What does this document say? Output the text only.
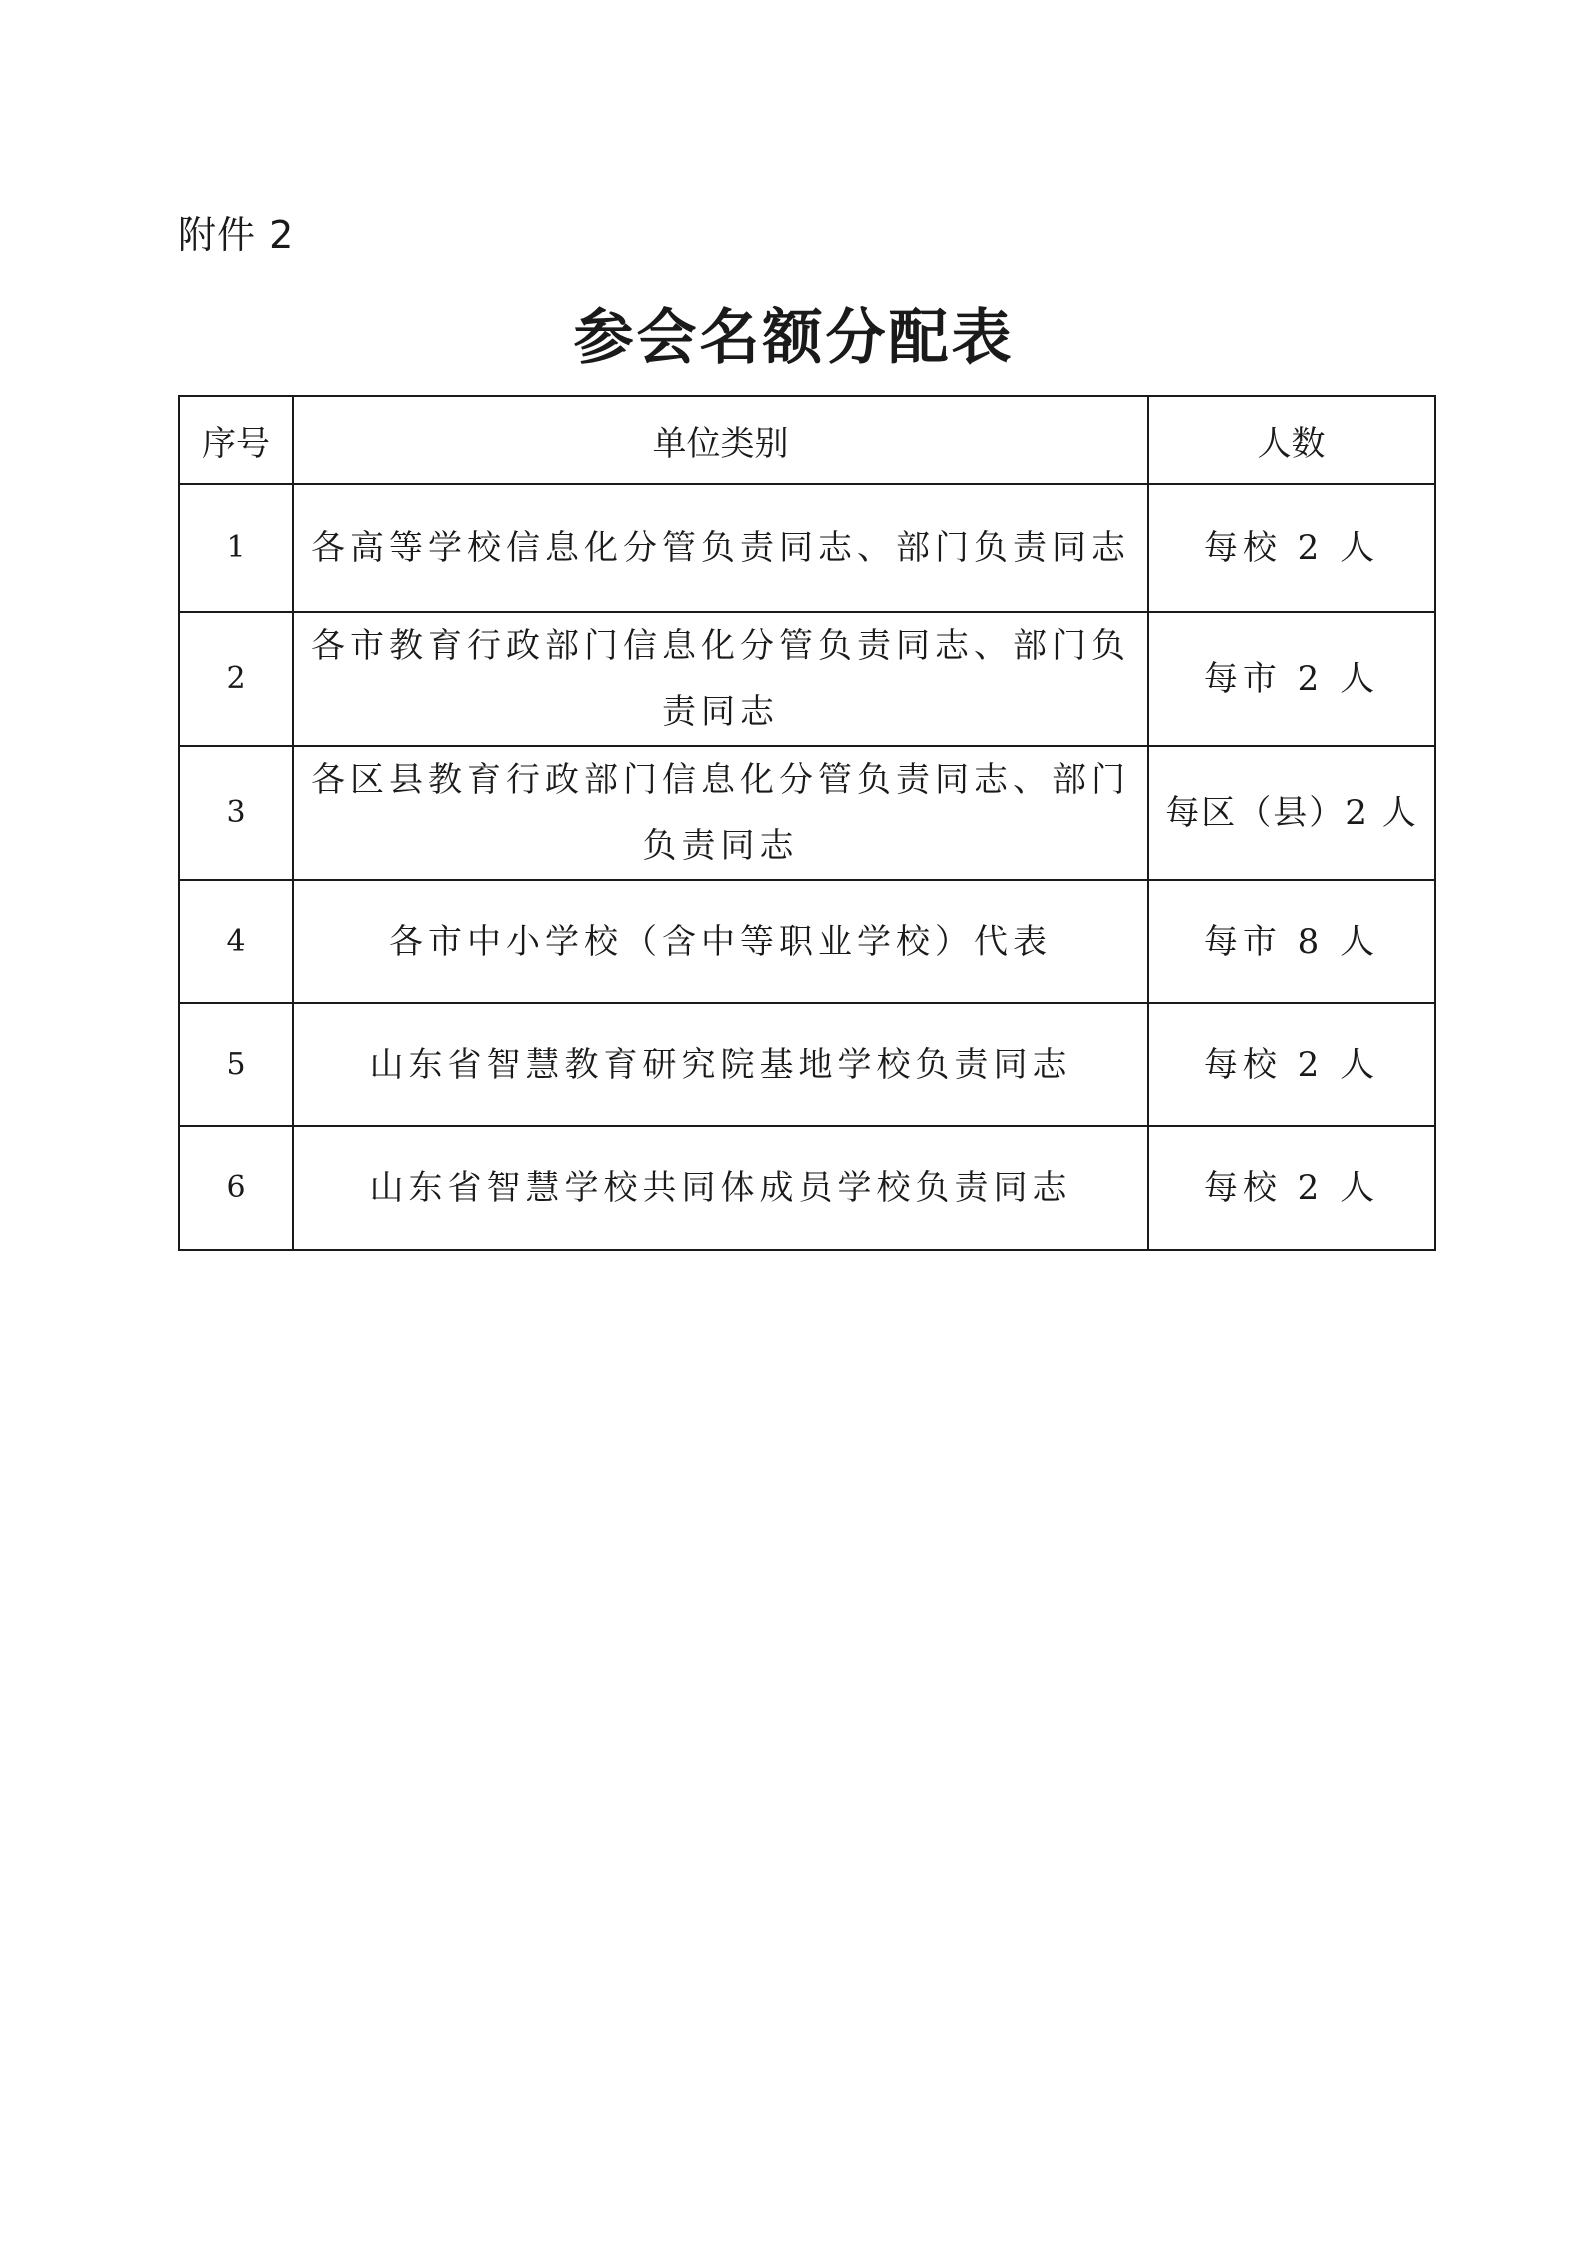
附件 2
参会名额分配表
序号	单位类别	人数
1	各高等学校信息化分管负责同志、部门负责同志	每校 2 人
2	各市教育行政部门信息化分管负责同志、部门负责同志	每市 2 人
3	各区县教育行政部门信息化分管负责同志、部门负责同志	每区（县）2 人
4	各市中小学校（含中等职业学校）代表	每市 8 人
5	山东省智慧教育研究院基地学校负责同志	每校 2 人
6	山东省智慧学校共同体成员学校负责同志	每校 2 人
